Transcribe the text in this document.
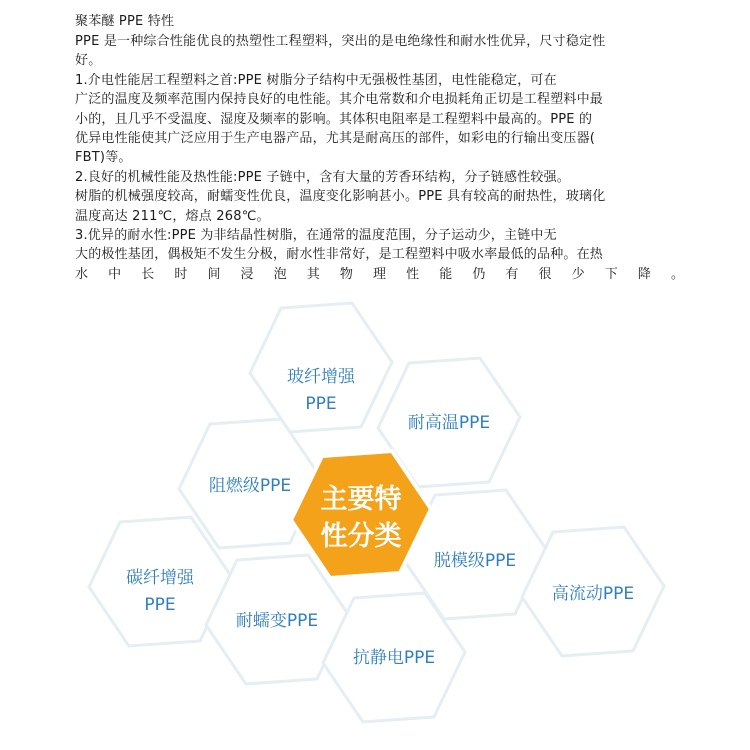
聚苯醚 PPE 特性

PPE 是一种综合性能优良的热塑性工程塑料，突出的是电绝缘性和耐水性优异，尺寸稳定性

好。

1.介电性能居工程塑料之首:PPE 树脂分子结构中无强极性基团，电性能稳定，可在

广泛的温度及频率范围内保持良好的电性能。其介电常数和介电损耗角正切是工程塑料中最

小的，且几乎不受温度、湿度及频率的影响。其体积电阻率是工程塑料中最高的。PPE 的

优异电性能使其广泛应用于生产电器产品，尤其是耐高压的部件，如彩电的行输出变压器(

FBT)等。

2.良好的机械性能及热性能:PPE 子链中，含有大量的芳香环结构，分子链感性较强。

树脂的机械强度较高，耐蠕变性优良，温度变化影响甚小。PPE 具有较高的耐热性，玻璃化

温度高达 211℃，熔点 268℃。

3.优异的耐水性:PPE 为非结晶性树脂，在通常的温度范围，分子运动少，主链中无

大的极性基团，偶极矩不发生分极，耐水性非常好，是工程塑料中吸水率最低的品种。在热

水中长时间浸泡其物理性能仍有很少下降。

玻纤增强
PPE
耐高温PPE
阻燃级PPE
碳纤增强
PPE
耐蠕变PPE
抗静电PPE
脱模级PPE
高流动PPE
主要特
性分类
